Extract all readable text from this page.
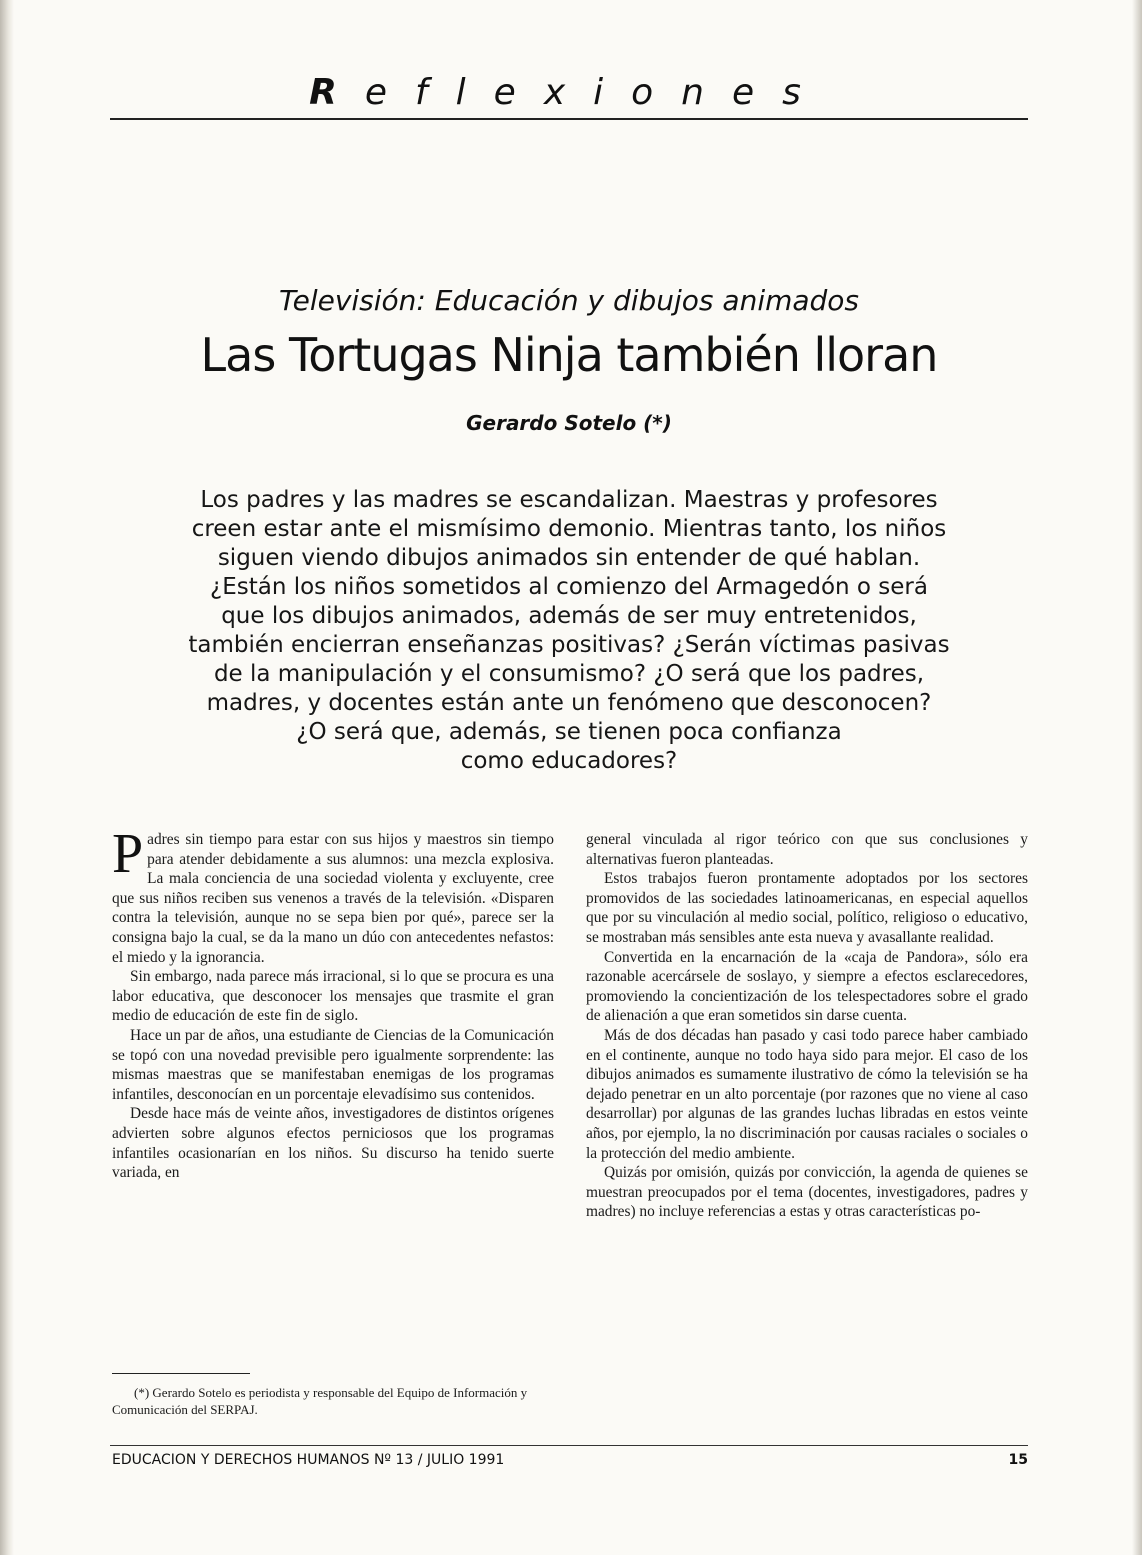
Reflexiones
Televisión: Educación y dibujos animados
Las Tortugas Ninja también lloran
Gerardo Sotelo (*)
Los padres y las madres se escandalizan. Maestras y profesores
creen estar ante el mismísimo demonio. Mientras tanto, los niños
siguen viendo dibujos animados sin entender de qué hablan.
¿Están los niños sometidos al comienzo del Armagedón o será
que los dibujos animados, además de ser muy entretenidos,
también encierran enseñanzas positivas? ¿Serán víctimas pasivas
de la manipulación y el consumismo? ¿O será que los padres,
madres, y docentes están ante un fenómeno que desconocen?
¿O será que, además, se tienen poca confianza
como educadores?

Padres sin tiempo para estar con sus hijos y maestros sin tiempo para atender debidamente a sus alumnos: una mezcla explosiva. La mala conciencia de una sociedad violenta y excluyente, cree que sus niños reciben sus venenos a través de la televisión. «Disparen contra la televisión, aunque no se sepa bien por qué», parece ser la consigna bajo la cual, se da la mano un dúo con antecedentes nefastos: el miedo y la ignorancia.

Sin embargo, nada parece más irracional, si lo que se procura es una labor educativa, que desconocer los mensajes que trasmite el gran medio de educación de este fin de siglo.

Hace un par de años, una estudiante de Ciencias de la Comunicación se topó con una novedad previsible pero igualmente sorprendente: las mismas maestras que se manifestaban enemigas de los programas infantiles, desconocían en un porcentaje elevadísimo sus contenidos.

Desde hace más de veinte años, investigadores de distintos orígenes advierten sobre algunos efectos perniciosos que los programas infantiles ocasionarían en los niños. Su discurso ha tenido suerte variada, en

general vinculada al rigor teórico con que sus conclusiones y alternativas fueron planteadas.

Estos trabajos fueron prontamente adoptados por los sectores promovidos de las sociedades latinoamericanas, en especial aquellos que por su vinculación al medio social, político, religioso o educativo, se mostraban más sensibles ante esta nueva y avasallante realidad.

Convertida en la encarnación de la «caja de Pandora», sólo era razonable acercársele de soslayo, y siempre a efectos esclarecedores, promoviendo la concientización de los telespectadores sobre el grado de alienación a que eran sometidos sin darse cuenta.

Más de dos décadas han pasado y casi todo parece haber cambiado en el continente, aunque no todo haya sido para mejor. El caso de los dibujos animados es sumamente ilustrativo de cómo la televisión se ha dejado penetrar en un alto porcentaje (por razones que no viene al caso desarrollar) por algunas de las grandes luchas libradas en estos veinte años, por ejemplo, la no discriminación por causas raciales o sociales o la protección del medio ambiente.

Quizás por omisión, quizás por convicción, la agenda de quienes se muestran preocupados por el tema (docentes, investigadores, padres y madres) no incluye referencias a estas y otras características po-

(*) Gerardo Sotelo es periodista y responsable del Equipo de Información y Comunicación del SERPAJ.
EDUCACION Y DERECHOS HUMANOS Nº 13 / JULIO 1991	15
